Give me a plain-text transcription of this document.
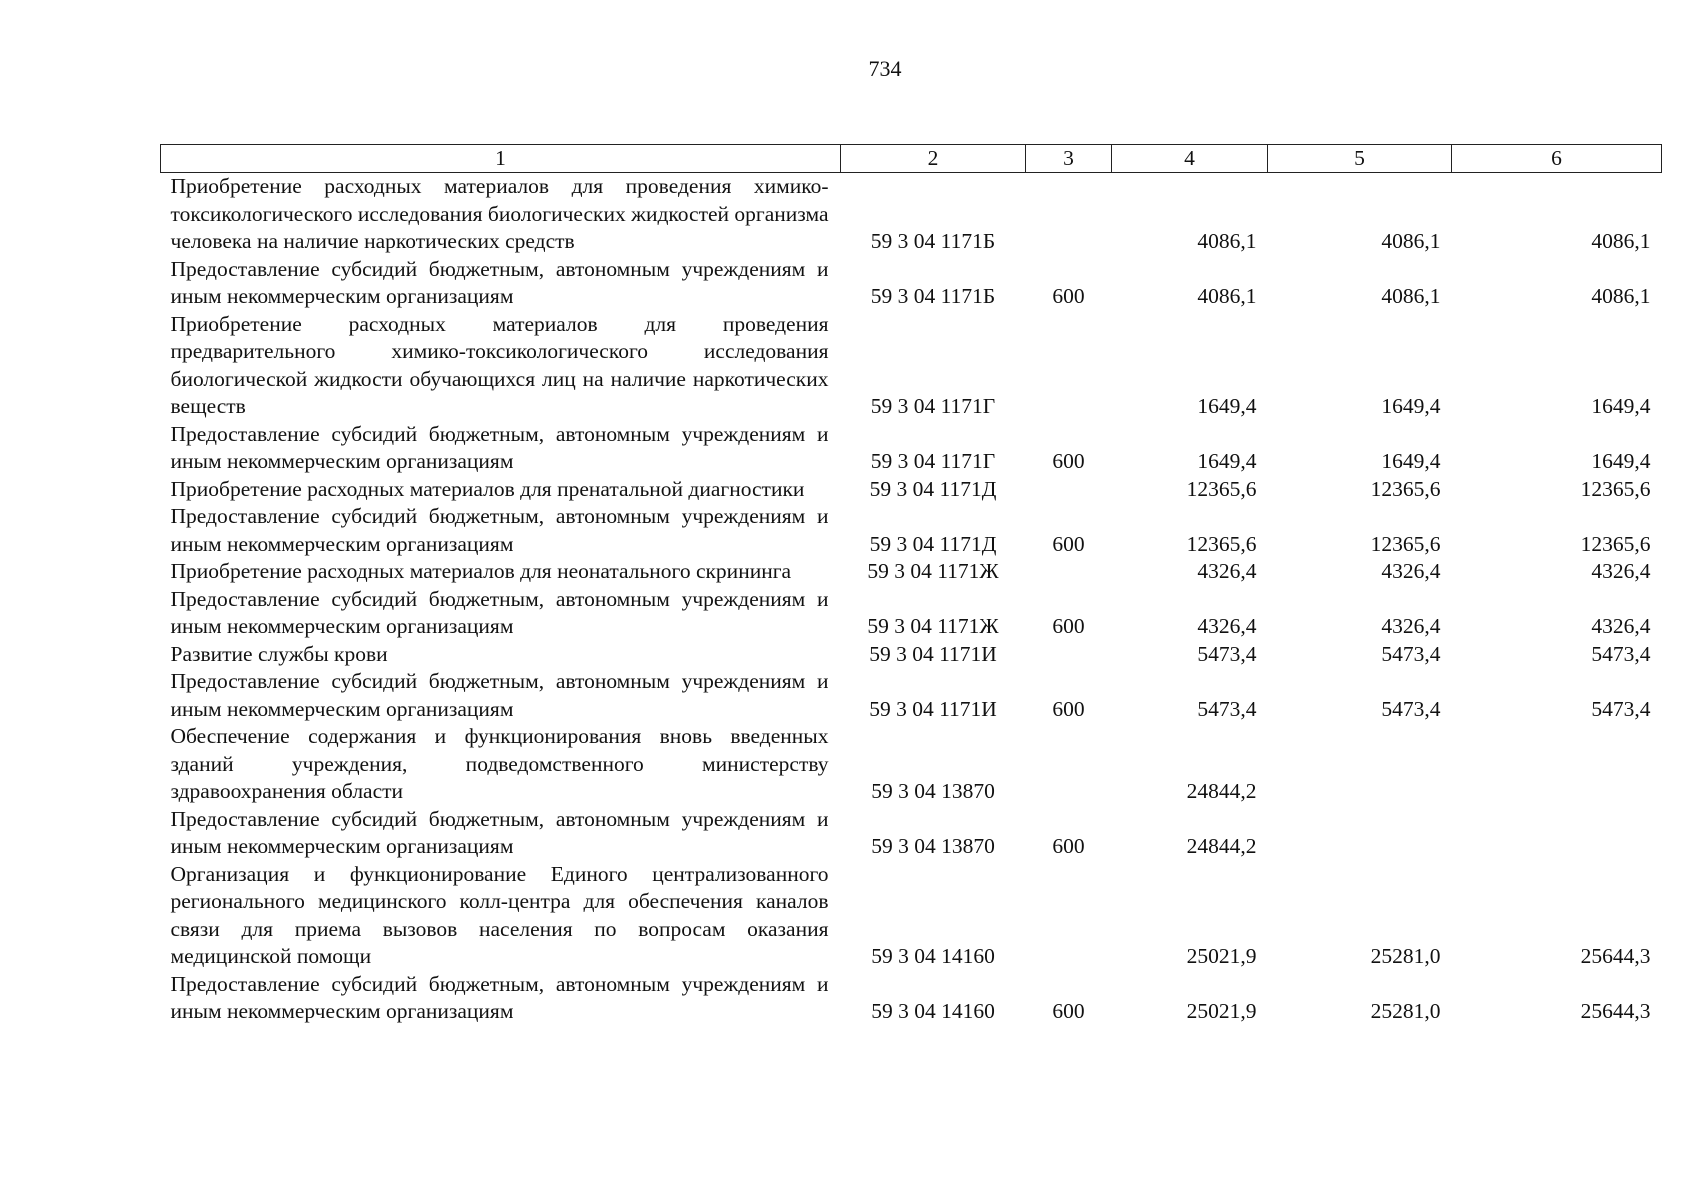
734
1	2	3	4	5	6
Приобретение расходных материалов для проведения химико-токсикологического исследования биологических жидкостей организма человека на наличие наркотических средств	59 3 04 1171Б		4086,1	4086,1	4086,1
Предоставление субсидий бюджетным, автономным учреждениям и иным некоммерческим организациям	59 3 04 1171Б	600	4086,1	4086,1	4086,1
Приобретение расходных материалов для проведения предварительного химико-токсикологического исследования биологической жидкости обучающихся лиц на наличие наркотических веществ	59 3 04 1171Г		1649,4	1649,4	1649,4
Предоставление субсидий бюджетным, автономным учреждениям и иным некоммерческим организациям	59 3 04 1171Г	600	1649,4	1649,4	1649,4
Приобретение расходных материалов для пренатальной диагностики	59 3 04 1171Д		12365,6	12365,6	12365,6
Предоставление субсидий бюджетным, автономным учреждениям и иным некоммерческим организациям	59 3 04 1171Д	600	12365,6	12365,6	12365,6
Приобретение расходных материалов для неонатального скрининга	59 3 04 1171Ж		4326,4	4326,4	4326,4
Предоставление субсидий бюджетным, автономным учреждениям и иным некоммерческим организациям	59 3 04 1171Ж	600	4326,4	4326,4	4326,4
Развитие службы крови	59 3 04 1171И		5473,4	5473,4	5473,4
Предоставление субсидий бюджетным, автономным учреждениям и иным некоммерческим организациям	59 3 04 1171И	600	5473,4	5473,4	5473,4
Обеспечение содержания и функционирования вновь введенных зданий учреждения, подведомственного министерству здравоохранения области	59 3 04 13870		24844,2		
Предоставление субсидий бюджетным, автономным учреждениям и иным некоммерческим организациям	59 3 04 13870	600	24844,2		
Организация и функционирование Единого централизованного регионального медицинского колл-центра для обеспечения каналов связи для приема вызовов населения по вопросам оказания медицинской помощи	59 3 04 14160		25021,9	25281,0	25644,3
Предоставление субсидий бюджетным, автономным учреждениям и иным некоммерческим организациям	59 3 04 14160	600	25021,9	25281,0	25644,3
